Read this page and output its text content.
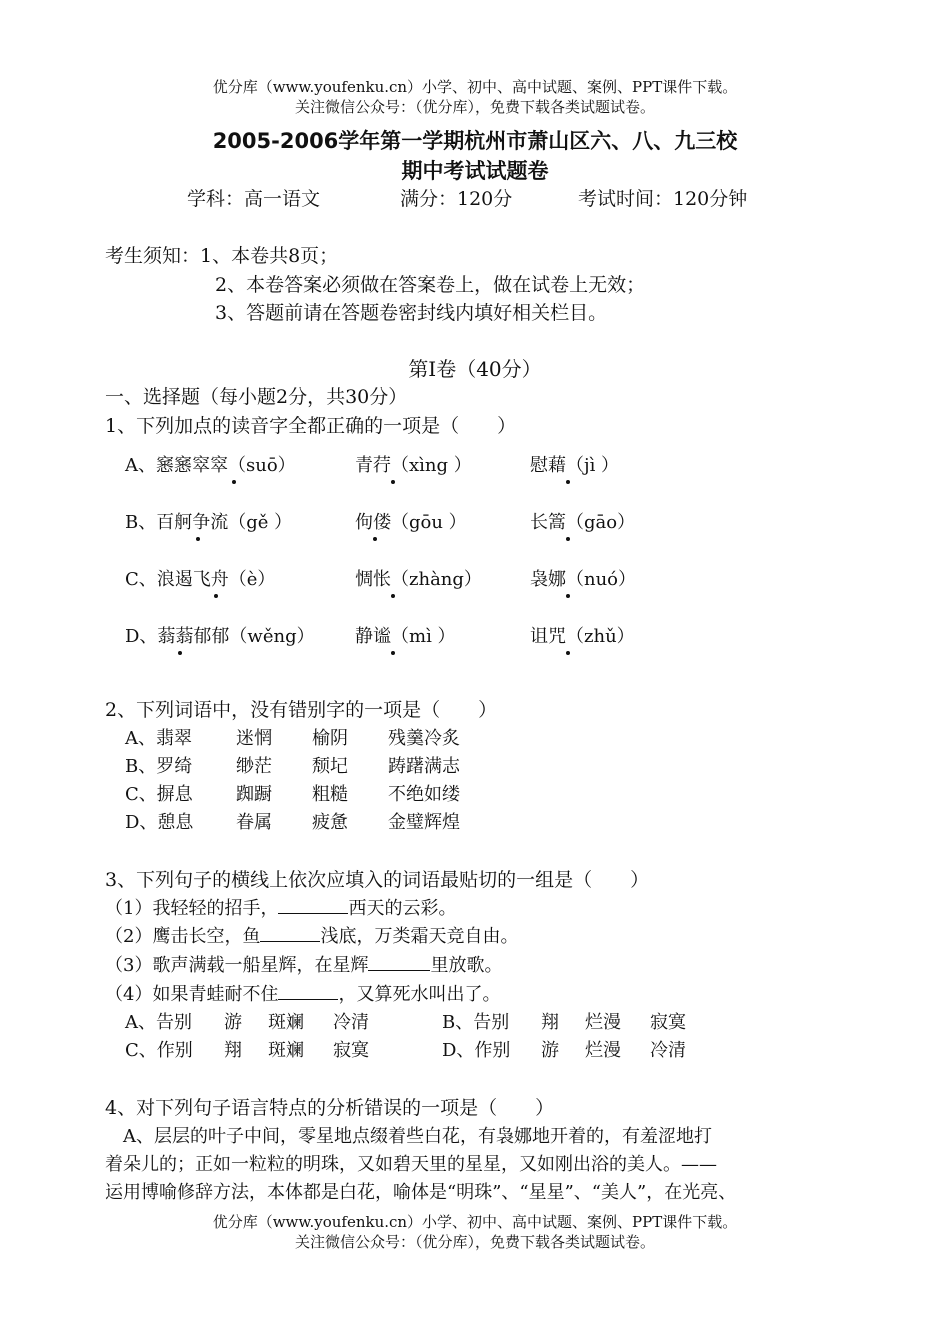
优分库（www.youfenku.cn）小学、初中、高中试题、案例、PPT课件下载。
关注微信公众号：（优分库），免费下载各类试题试卷。
2005-2006学年第一学期杭州市萧山区六、八、九三校
期中考试试题卷
学科：高一语文	满分：120分	考试时间：120分钟
考生须知：1、本卷共8页；
2、本卷答案必须做在答案卷上，做在试卷上无效；
3、答题前请在答题卷密封线内填好相关栏目。
第Ⅰ卷（40分）
一、选择题（每小题2分，共30分）
1、下列加点的读音字全都正确的一项是（　　）
A、窸窸窣窣（suō）	青荇（xìng ）	慰藉（jì ）
B、百舸争流（gě ）	佝偻（gōu ）	长篙（gāo）
C、浪遏飞舟（è）	惆怅（zhàng）	袅娜（nuó）
D、蓊蓊郁郁（wěng） 静谧（mì ）	诅咒（zhǔ）
2、下列词语中，没有错别字的一项是（　　）
A、翡翠 迷惘 榆阴 残羹冷炙
B、罗绮 缈茫 颓圮 踌躇满志
C、摒息 踟蹰 粗糙 不绝如缕
D、憩息 眷属 疲惫 金璧辉煌
3、下列句子的横线上依次应填入的词语最贴切的一组是（　　）
（1）我轻轻的招手，	西天的云彩。
（2）鹰击长空，鱼	浅底，万类霜天竞自由。
（3）歌声满载一船星辉，在星辉	里放歌。
（4）如果青蛙耐不住	，又算死水叫出了。
A、告别 游 斑斓 冷清	B、告别 翔 烂漫 寂寞
C、作别 翔 斑斓 寂寞	D、作别 游 烂漫 冷清
4、对下列句子语言特点的分析错误的一项是（　　）
A、层层的叶子中间，零星地点缀着些白花，有袅娜地开着的，有羞涩地打
着朵儿的；正如一粒粒的明珠，又如碧天里的星星，又如刚出浴的美人。——
运用博喻修辞方法，本体都是白花，喻体是“明珠”、“星星”、“美人”，在光亮、
优分库（www.youfenku.cn）小学、初中、高中试题、案例、PPT课件下载。
关注微信公众号：（优分库），免费下载各类试题试卷。
